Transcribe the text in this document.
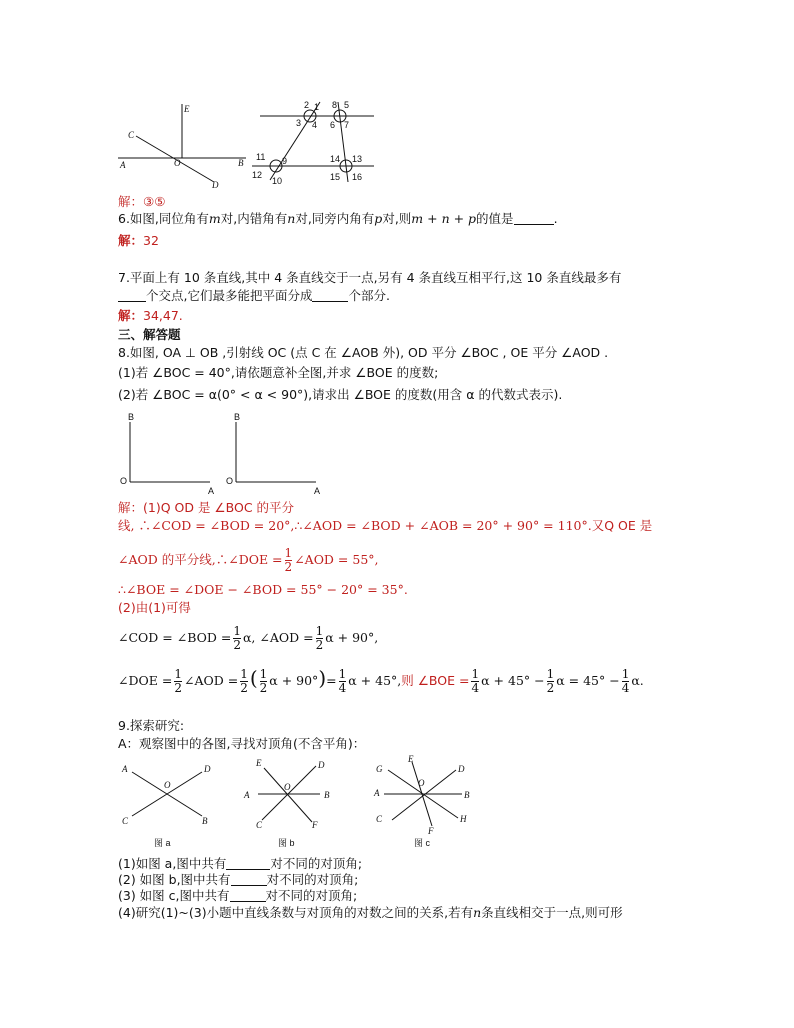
E
C
A	O	B
D
2 1 8 5
3 4 6 7
11 9	14 13
12
10	15 16
解：③⑤
6.如图,同位角有m对,内错角有n对,同旁内角有p对,则m + n + p的值是	.
解：32
7.平面上有 10 条直线,其中 4 条直线交于一点,另有 4 条直线互相平行,这 10 条直线最多有
个交点,它们最多能把平面分成	个部分.
解：34,47.
三、解答题
8.如图, OA ⊥ OB ,引射线 OC (点 C 在 ∠AOB 外), OD 平分 ∠BOC , OE 平分 ∠AOD .
(1)若 ∠BOC = 40°,请依题意补全图,并求 ∠BOE 的度数;
(2)若 ∠BOC = α(0° < α < 90°),请求出 ∠BOE 的度数(用含 α 的代数式表示).
B
O
A
B
O
A
解：(1)Q OD 是 ∠BOC 的平分
线, ∴∠COD = ∠BOD = 20°,∴∠AOD = ∠BOD + ∠AOB = 20° + 90° = 110°.又Q OE 是
∠AOD 的平分线,∴∠DOE = $\frac{1}{2}$ ∠AOD = 55°,
∴∠BOE = ∠DOE − ∠BOD = 55° − 20° = 35°.
(2)由(1)可得
∠COD = ∠BOD = $\frac{1}{2} \alpha$, ∠AOD = $\frac{1}{2}$ α + 90°,
∠DOE = $\frac{1}{2}$ ∠AOD = $\frac{1}{2}$ ( $\frac{1}{2}$ $\alpha + 90^\circ)= \frac{1}{4}$ α + 45°,则 ∠BOE = $\frac{1}{4}$ $\alpha + 45^\circ - \frac{1}{2}$ $\alpha = 45^\circ - \frac{1}{4} \alpha$.
9.探索研究:
A：观察图中的各图,寻找对顶角(不含平角)：
A	D
O
C	B
图 a
E	D
A
O
B
C	F
图 b
G
E
D
O
A	B
C
F
H
图 c
(1)如图 a,图中共有	对不同的对顶角;
(2) 如图 b,图中共有	对不同的对顶角;
(3) 如图 c,图中共有	对不同的对顶角;
(4)研究(1)~(3)小题中直线条数与对顶角的对数之间的关系,若有n条直线相交于一点,则可形
